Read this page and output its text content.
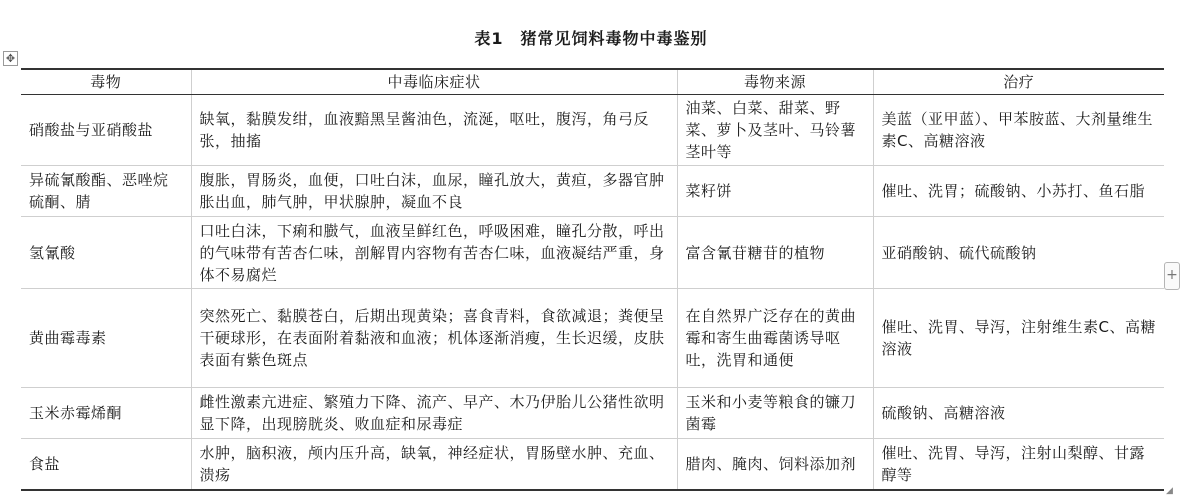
表1　猪常见饲料毒物中毒鉴别
✥
+
◢
毒物	中毒临床症状	毒物来源	治疗
硝酸盐与亚硝酸盐	缺氧，黏膜发绀，血液黯黑呈酱油色，流涎，呕吐，腹泻，角弓反张，抽搐	油菜、白菜、甜菜、野菜、萝卜及茎叶、马铃薯茎叶等	美蓝（亚甲蓝）、甲苯胺蓝、大剂量维生素C、高糖溶液
异硫氰酸酯、恶唑烷硫酮、腈	腹胀，胃肠炎，血便，口吐白沫，血尿，瞳孔放大，黄疸，多器官肿胀出血，肺气肿，甲状腺肿，凝血不良	菜籽饼	催吐、洗胃；硫酸钠、小苏打、鱼石脂
氢氰酸	口吐白沫，下痢和臌气，血液呈鲜红色，呼吸困难，瞳孔分散，呼出的气味带有苦杏仁味，剖解胃内容物有苦杏仁味，血液凝结严重，身体不易腐烂	富含氰苷糖苷的植物	亚硝酸钠、硫代硫酸钠
黄曲霉毒素	突然死亡、黏膜苍白，后期出现黄染；喜食青料，食欲减退；粪便呈干硬球形，在表面附着黏液和血液；机体逐渐消瘦，生长迟缓，皮肤表面有紫色斑点	在自然界广泛存在的黄曲霉和寄生曲霉菌诱导呕吐，洗胃和通便	催吐、洗胃、导泻，注射维生素C、高糖溶液
玉米赤霉烯酮	雌性激素亢进症、繁殖力下降、流产、早产、木乃伊胎儿公猪性欲明显下降，出现膀胱炎、败血症和尿毒症	玉米和小麦等粮食的镰刀菌霉	硫酸钠、高糖溶液
食盐	水肿，脑积液，颅内压升高，缺氧，神经症状，胃肠壁水肿、充血、溃疡	腊肉、腌肉、饲料添加剂	催吐、洗胃、导泻，注射山梨醇、甘露醇等
